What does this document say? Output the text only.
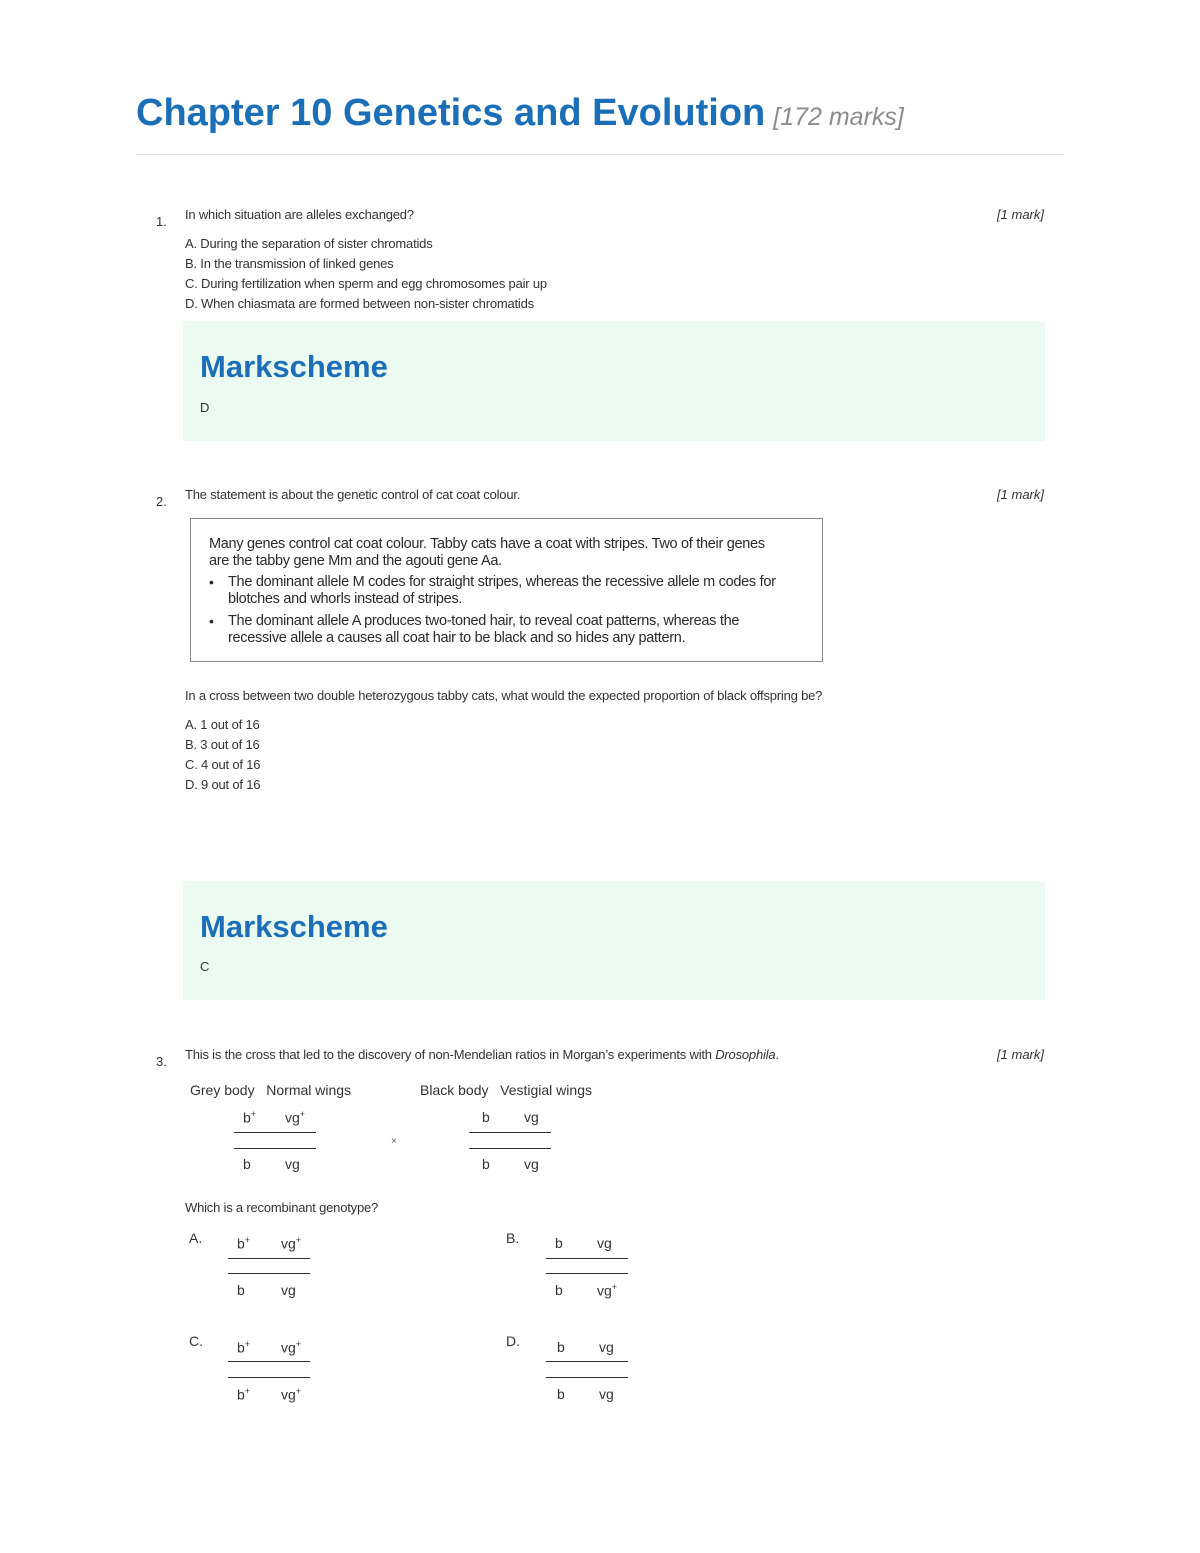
Chapter 10 Genetics and Evolution [172 marks]
1. In which situation are alleles exchanged?	[1 mark]
A. During the separation of sister chromatids
B. In the transmission of linked genes
C. During fertilization when sperm and egg chromosomes pair up
D. When chiasmata are formed between non-sister chromatids
Markscheme
D
2. The statement is about the genetic control of cat coat colour.	[1 mark]

Many genes control cat coat colour. Tabby cats have a coat with stripes. Two of their genes

are the tabby gene Mm and the agouti gene Aa.

• The dominant allele M codes for straight stripes, whereas the recessive allele m codes for

blotches and whorls instead of stripes.

• The dominant allele A produces two-toned hair, to reveal coat patterns, whereas the

recessive allele a causes all coat hair to be black and so hides any pattern.

In a cross between two double heterozygous tabby cats, what would the expected proportion of black offspring be?
A. 1 out of 16
B. 3 out of 16
C. 4 out of 16
D. 9 out of 16
Markscheme
C
3. This is the cross that led to the discovery of non-Mendelian ratios in Morgan’s experiments with Drosophila.	[1 mark]
Grey body   Normal wings
b+ vg+
b vg
×
Black body   Vestigial wings
b vg
b vg
Which is a recombinant genotype?
A. b+ vg+
b	vg
B.	b vg
b vg+
C. b+ vg+
b+ vg+
D.	b vg
b vg
